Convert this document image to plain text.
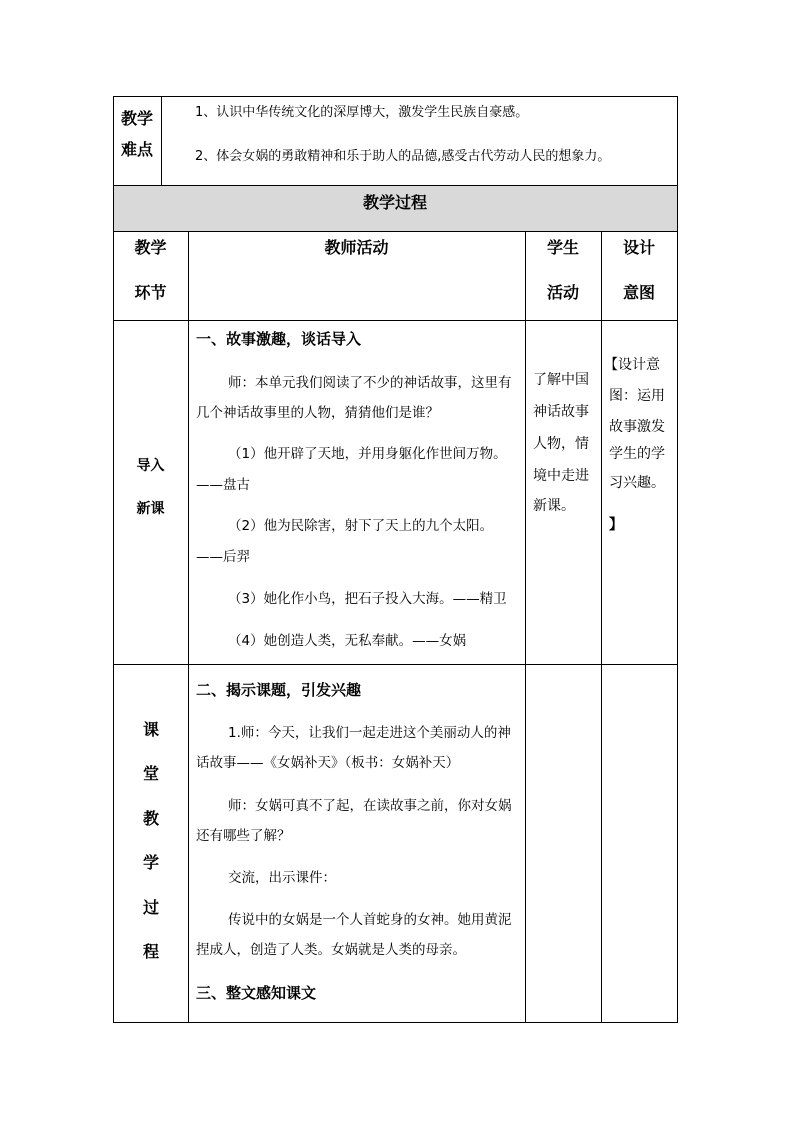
教学
难点
1、认识中华传统文化的深厚博大，激发学生民族自豪感。
2、体会女娲的勇敢精神和乐于助人的品德,感受古代劳动人民的想象力。
教学过程
教学
环节
教师活动	学生
活动
设计
意图
导入
新课
一、故事激趣，谈话导入
师：本单元我们阅读了不少的神话故事，这里有
几个神话故事里的人物，猜猜他们是谁？
（1）他开辟了天地，并用身躯化作世间万物。
——盘古
（2）他为民除害，射下了天上的九个太阳。
——后羿
（3）她化作小鸟，把石子投入大海。——精卫
（4）她创造人类，无私奉献。——女娲
了解中国
神话故事
人物，情
境中走进
新课。
【设计意
图：运用
故事激发
学生的学
习兴趣。
】
课
堂
教
学
过
程
二、揭示课题，引发兴趣
1.师：今天，让我们一起走进这个美丽动人的神
话故事——《女娲补天》（板书：女娲补天）
师：女娲可真不了起，在读故事之前，你对女娲
还有哪些了解？
交流，出示课件：
传说中的女娲是一个人首蛇身的女神。她用黄泥
捏成人，创造了人类。女娲就是人类的母亲。
三、整文感知课文
